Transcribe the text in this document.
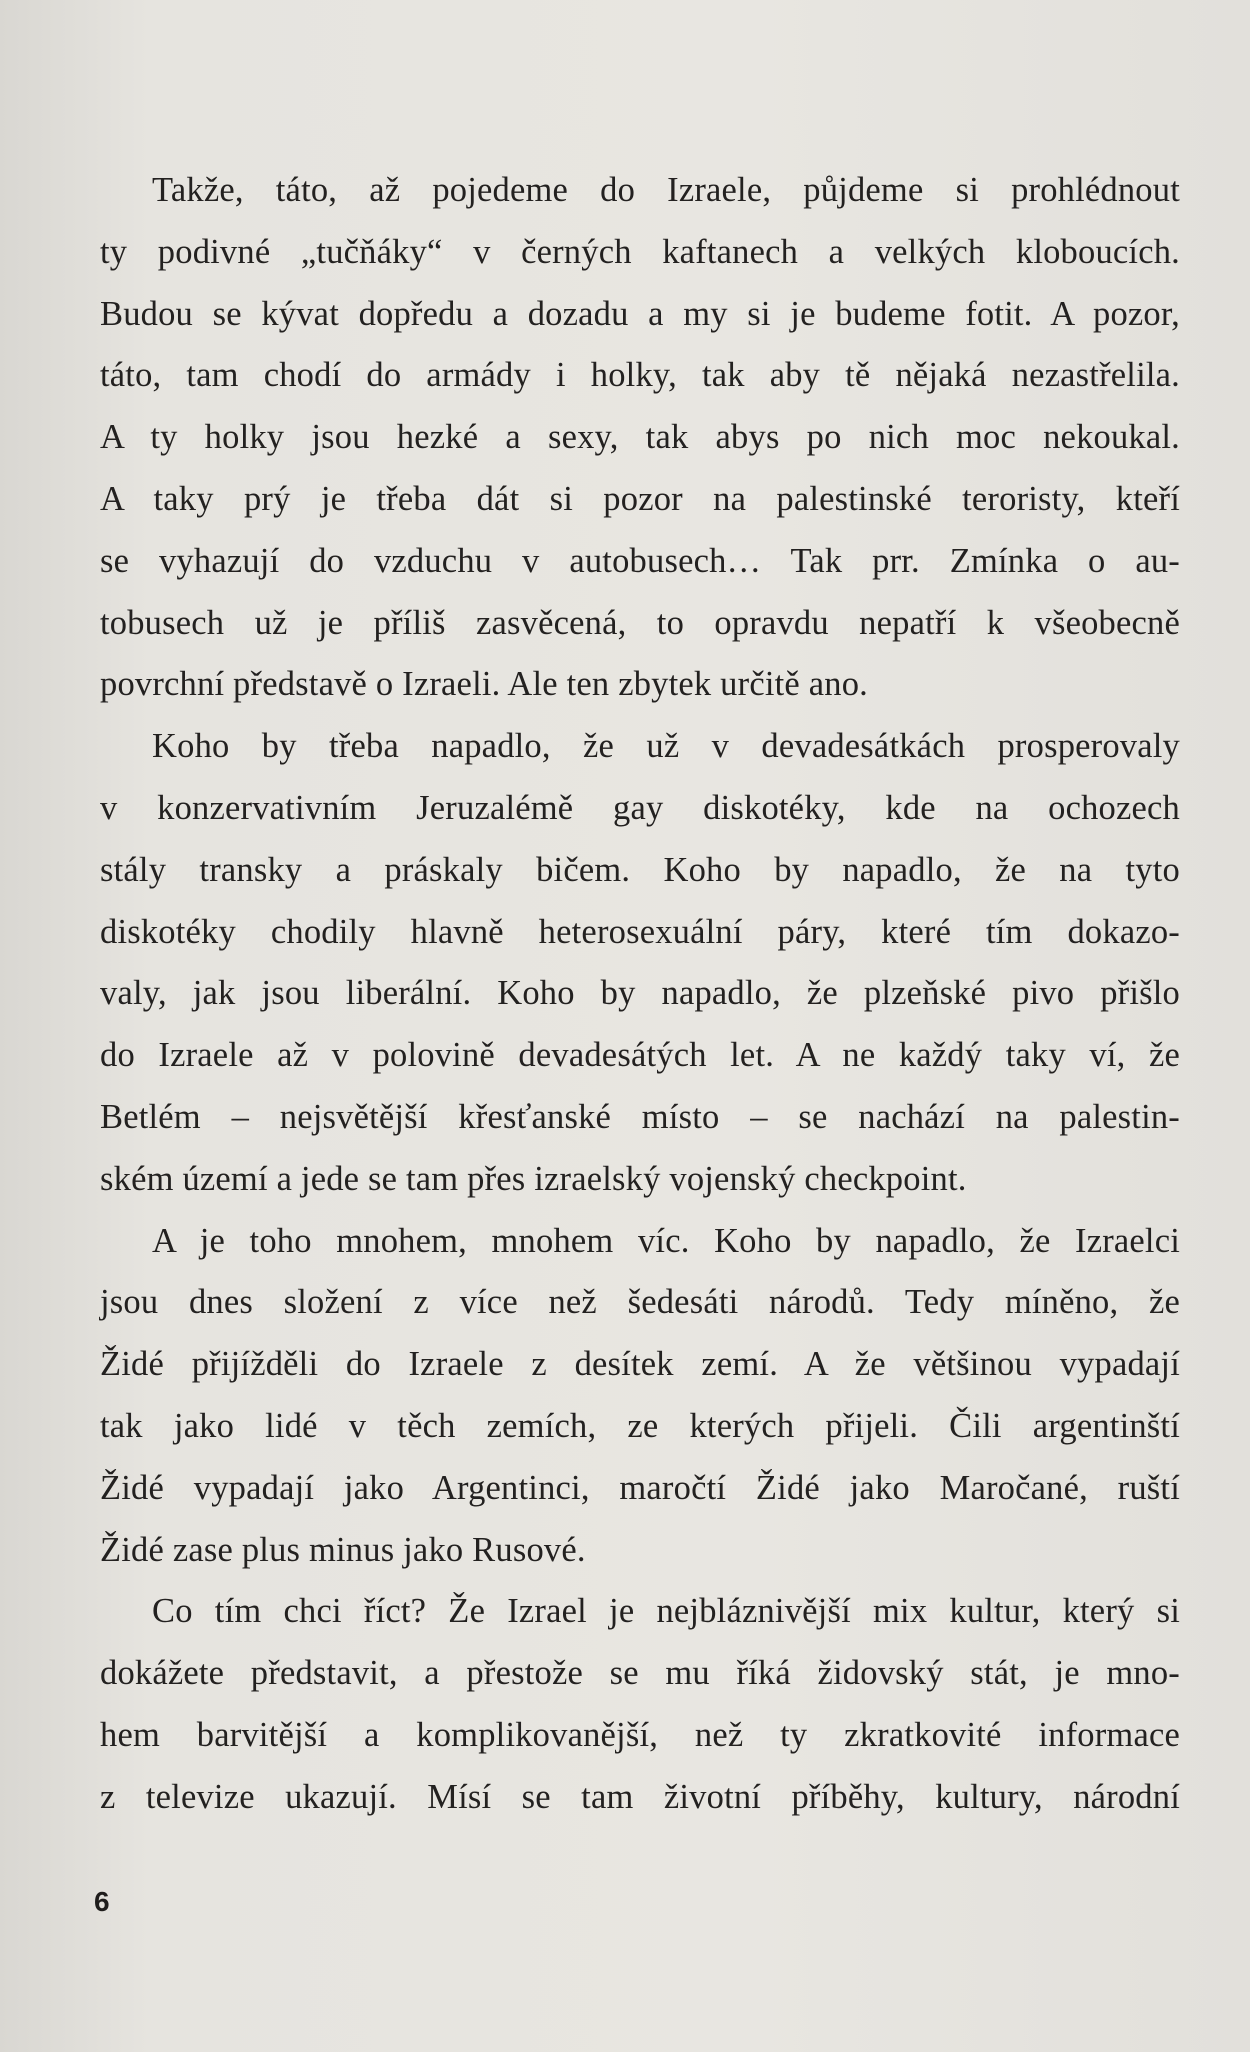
Takže, táto, až pojedeme do Izraele, půjdeme si prohlédnout
ty podivné „tučňáky“ v černých kaftanech a velkých kloboucích.
Budou se kývat dopředu a dozadu a my si je budeme fotit. A pozor,
táto, tam chodí do armády i holky, tak aby tě nějaká nezastřelila.
A ty holky jsou hezké a sexy, tak abys po nich moc nekoukal.
A taky prý je třeba dát si pozor na palestinské teroristy, kteří
se vyhazují do vzduchu v autobusech… Tak prr. Zmínka o au-
tobusech už je příliš zasvěcená, to opravdu nepatří k všeobecně
povrchní představě o Izraeli. Ale ten zbytek určitě ano.
Koho by třeba napadlo, že už v devadesátkách prosperovaly
v konzervativním Jeruzalémě gay diskotéky, kde na ochozech
stály transky a práskaly bičem. Koho by napadlo, že na tyto
diskotéky chodily hlavně heterosexuální páry, které tím dokazo-
valy, jak jsou liberální. Koho by napadlo, že plzeňské pivo přišlo
do Izraele až v polovině devadesátých let. A ne každý taky ví, že
Betlém – nejsvětější křesťanské místo – se nachází na palestin-
ském území a jede se tam přes izraelský vojenský checkpoint.
A je toho mnohem, mnohem víc. Koho by napadlo, že Izraelci
jsou dnes složení z více než šedesáti národů. Tedy míněno, že
Židé přijížděli do Izraele z desítek zemí. A že většinou vypadají
tak jako lidé v těch zemích, ze kterých přijeli. Čili argentinští
Židé vypadají jako Argentinci, maročtí Židé jako Maročané, ruští
Židé zase plus minus jako Rusové.
Co tím chci říct? Že Izrael je nejbláznivější mix kultur, který si
dokážete představit, a přestože se mu říká židovský stát, je mno-
hem barvitější a komplikovanější, než ty zkratkovité informace
z televize ukazují. Mísí se tam životní příběhy, kultury, národní
6
